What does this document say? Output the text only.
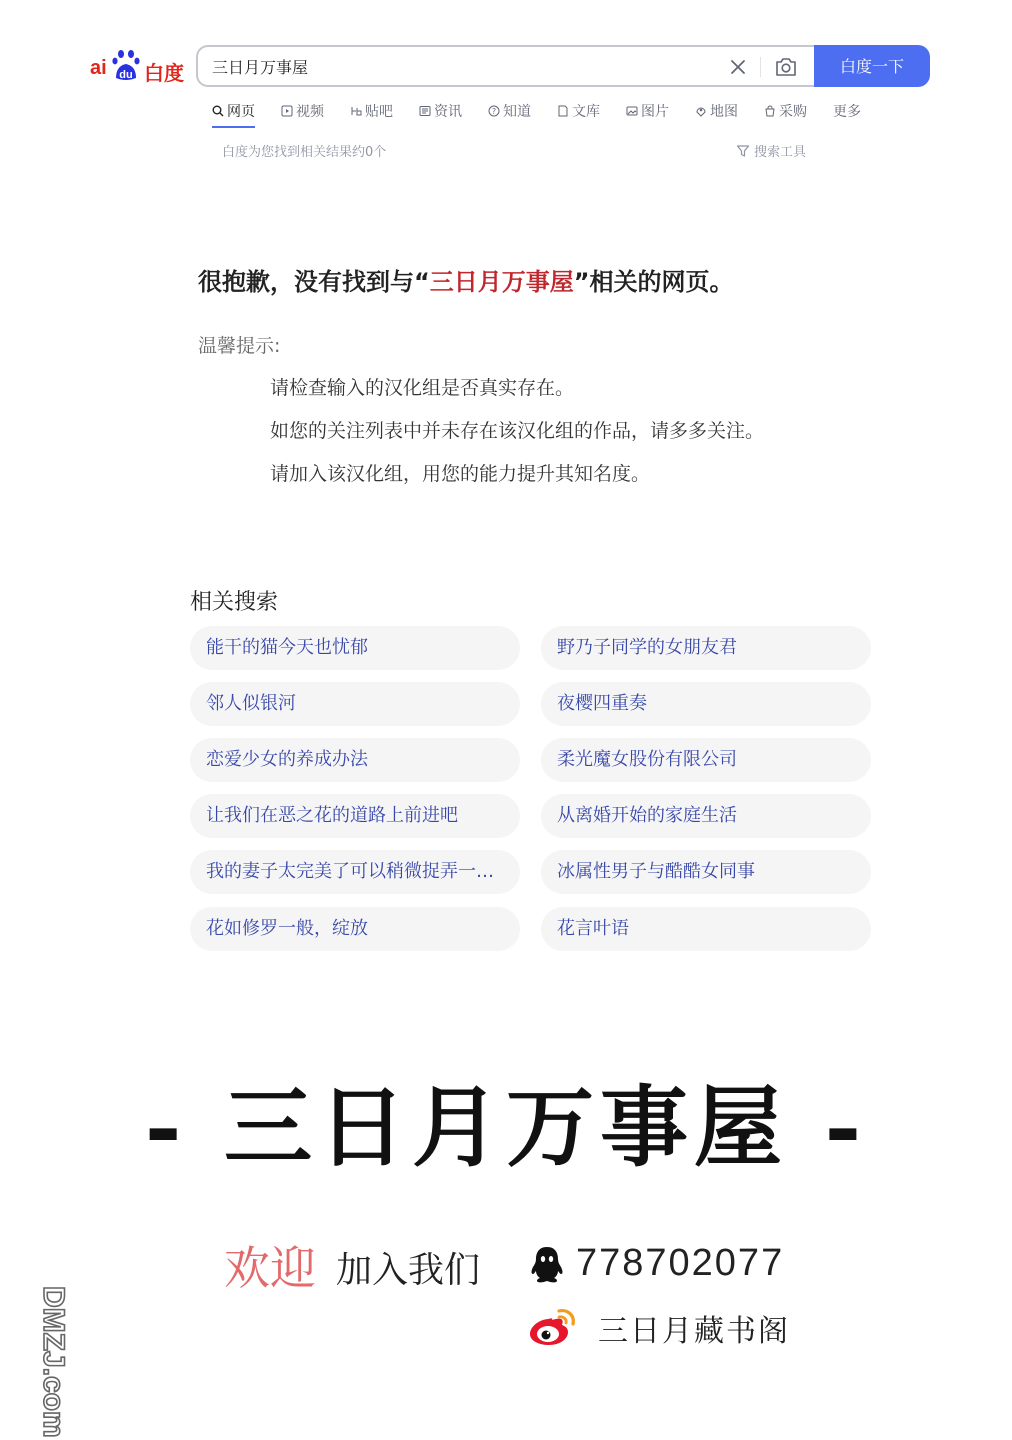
ai du 白度
三日月万事屋	白度一下
网页	视频	贴吧	资讯	? 知道	文库	图片	地图	采购 更多
白度为您找到相关结果约0个	搜索工具
很抱歉，没有找到与“三日月万事屋”相关的网页。
温馨提示:
请检查输入的汉化组是否真实存在。
如您的关注列表中并未存在该汉化组的作品，请多多关注。
请加入该汉化组，用您的能力提升其知名度。
相关搜索
能干的猫今天也忧郁	野乃子同学的女朋友君
邻人似银河	夜樱四重奏
恋爱少女的养成办法	柔光魔女股份有限公司
让我们在恶之花的道路上前进吧	从离婚开始的家庭生活
我的妻子太完美了可以稍微捉弄一…	冰属性男子与酷酷女同事
花如修罗一般，绽放	花言叶语
- 三日月万事屋 -
欢迎 加入我们	778702077
三日月藏书阁
DMZJ.com
